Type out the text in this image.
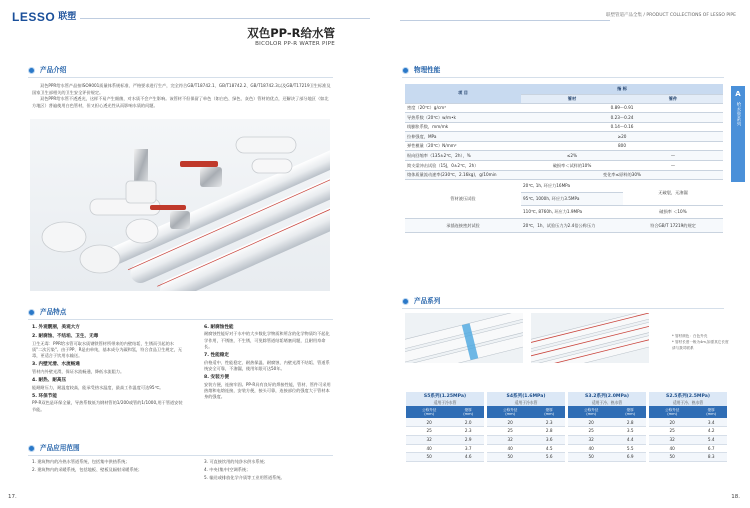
LESSO 联塑	联塑管道产品全集 / PRODUCT COLLECTIONS OF LESSO PIPE
双色PP-R给水管
BICOLOR PP-R WATER PIPE
产品介绍

双色PPR给水管产品按ISO9001质量体系规标准、严格要求进行生产，完全符合GB/T18742.1、GB/T18742.2、GB/T18742.3以及GB/T17219卫生标准及国家卫生部相关的卫生安全评价规定。

双色PPR给水管不透透光，这样不易产生细菌，对水质不会产生影响。该管材不但保留了单色（如白色、绿色、灰色）管材的优点，还解决了部分地区（如北方地区）普遍使用白色管材，但又担心透光性从而影响水质的问题。

产品特点
1. 外观靓丽，美观大方
2. 耐腐蚀、不结垢、卫生、无毒
卫生无毒：PPR给水管可取水质钢铁管材所带来的内壁结垢，生锈而引起的水质"二次污染"。由于PP、R是由单纯，基本成分为碳和氢，符合食品卫生规定，无毒，更适合于饮用水输送。
3. 内壁光滑、水流畅通
管材内外壁光滑，保证水流畅通，降低水流阻力。
4. 耐热、耐高压
能耐耐压力，耐温度较高，能承受热水温度，最高工作温度可达95℃。
5. 环保节能
PP-R双色是环保全量，导热系数低为钢材管的1/200或管的1/1000,用于管道安装节能。
6. 耐腐蚀性能
耐腐蚀性能好对于水中的大多数化学物质和所含的化学物质均不起化学作用，不锈蚀，不生锈，可免除管道结垢堵塞问题，且耐用寿命长。
7. 性能稳定
价格适中、性能稳定、耐热保温、耐腐蚀、内壁光滑不结垢、管道系统安全可靠，不渗漏，使用年限可达50年。
8. 安装方便
安装方便，连接牢固。PP-R具有良好的焊接性能，管材、管件可采用热熔和电熔连接，安装方便，接头可靠，连接部位的强度大于管材本身的强度。
产品应用范围
1. 建筑物内的冷热水管道系统，包括集中供热系统；
2. 建筑物内的采暖系统，包括地板、壁板及辐射采暖系统；
3. 可直接饮用的纯净水供水系统；
4. 中央(集中)空调系统；
5. 输送或排放化学介质等工业用管道系统。
A
给水管系列
物理性能
项 目	指 标	
	管材	管件
密度（20℃）g/cm³	0.89～0.91	
导热系数（20℃）w/m•k	0.23～0.24	
线膨胀系数，mm/mk	0.14～0.16	
拉伸强度，MPa	≥20	
弹性模量（20℃）N/mm²	800	
纵向回缩率（135±2℃，2h），%	≤2%	—
简支梁冲击试验（15J，0±2℃，2h）	破损率＜试样的10%	—
熔体质量流动速率(230℃，2.16kg)，g/10min	变化率≤原料的30%	
管材液压试验	20℃, 1h, 环应力16MPa	无破裂，无渗漏
	95℃, 1000h, 环应力3.5MPa	
	110℃, 8760h, 环应力1.9MPa	破损率 ＜10%
承插连接密封试验	20℃，1h，试验压力为2.4倍公称压力	符合GB/T 17219的规定
产品系列
* 管材颜色：白色外壳
* 管材长度一般为4m,如需其它长度请与我司联系
S5系列(1.25MPa)
适用于冷水管
公称外径
(mm)	壁厚
(mm)
20	2.0
25	2.3
32	2.9
40	3.7
50	4.6
S4系列(1.6MPa)
适用于冷水管
公称外径
(mm)	壁厚
(mm)
20	2.3
25	2.8
32	3.6
40	4.5
50	5.6
S3.2系列(2.0MPa)
适用于冷、热水管
公称外径
(mm)	壁厚
(mm)
20	2.8
25	3.5
32	4.4
40	5.5
50	6.9
S2.5系列(2.5MPa)
适用于冷、热水管
公称外径
(mm)	壁厚
(mm)
20	3.4
25	4.2
32	5.4
40	6.7
50	8.3
17.	18.
